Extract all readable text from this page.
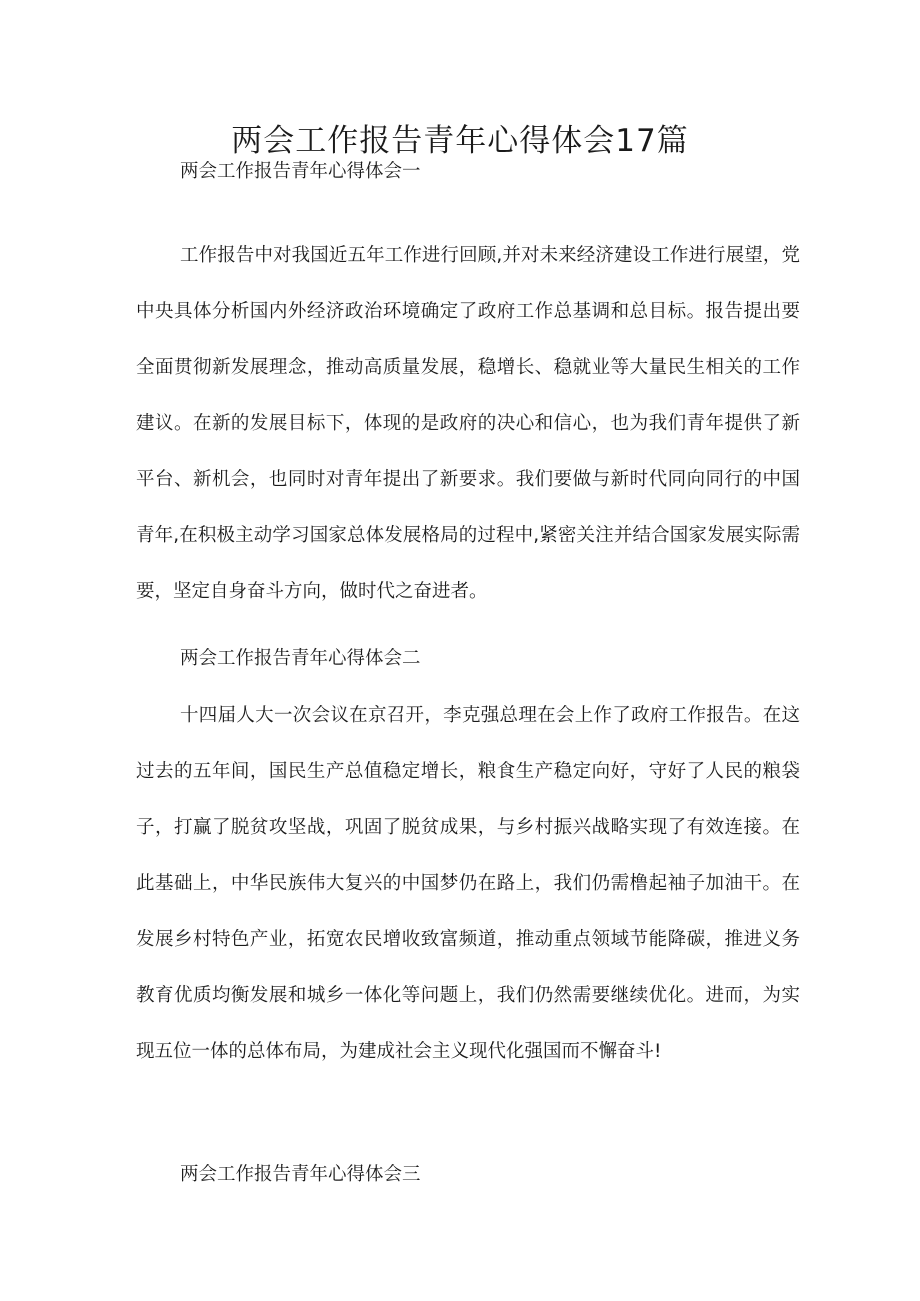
两会工作报告青年心得体会17篇

两会工作报告青年心得体会一

工作报告中对我国近五年工作进行回顾,并对未来经济建设工作进行展望，党中央具体分析国内外经济政治环境确定了政府工作总基调和总目标。报告提出要全面贯彻新发展理念，推动高质量发展，稳增长、稳就业等大量民生相关的工作建议。在新的发展目标下，体现的是政府的决心和信心，也为我们青年提供了新平台、新机会，也同时对青年提出了新要求。我们要做与新时代同向同行的中国青年,在积极主动学习国家总体发展格局的过程中,紧密关注并结合国家发展实际需要，坚定自身奋斗方向，做时代之奋进者。

两会工作报告青年心得体会二

十四届人大一次会议在京召开，李克强总理在会上作了政府工作报告。在这过去的五年间，国民生产总值稳定增长，粮食生产稳定向好，守好了人民的粮袋子，打赢了脱贫攻坚战，巩固了脱贫成果，与乡村振兴战略实现了有效连接。在此基础上，中华民族伟大复兴的中国梦仍在路上，我们仍需橹起袖子加油干。在发展乡村特色产业，拓宽农民增收致富频道，推动重点领域节能降碳，推进义务教育优质均衡发展和城乡一体化等问题上，我们仍然需要继续优化。进而，为实现五位一体的总体布局，为建成社会主义现代化强国而不懈奋斗!

两会工作报告青年心得体会三
